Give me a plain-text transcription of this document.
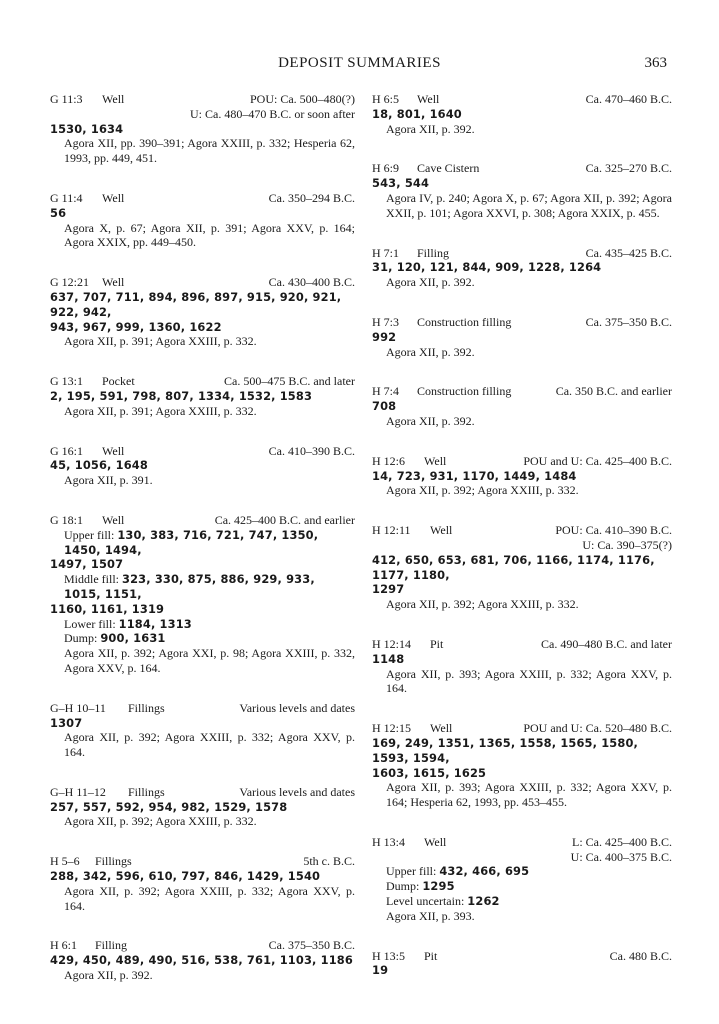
DEPOSIT SUMMARIES	363
G 11:3 Well	POU: Ca. 500–480(?)
U: Ca. 480–470 B.C. or soon after
1530, 1634
Agora XII, pp. 390–391; Agora XXIII, p. 332; Hesperia 62, 1993, pp. 449, 451.
G 11:4 Well	Ca. 350–294 B.C.
56
Agora X, p. 67; Agora XII, p. 391; Agora XXV, p. 164; Agora XXIX, pp. 449–450.
G 12:21 Well	Ca. 430–400 B.C.
637, 707, 711, 894, 896, 897, 915, 920, 921, 922, 942,
943, 967, 999, 1360, 1622
Agora XII, p. 391; Agora XXIII, p. 332.
G 13:1 Pocket	Ca. 500–475 B.C. and later
2, 195, 591, 798, 807, 1334, 1532, 1583
Agora XII, p. 391; Agora XXIII, p. 332.
G 16:1 Well	Ca. 410–390 B.C.
45, 1056, 1648
Agora XII, p. 391.
G 18:1 Well	Ca. 425–400 B.C. and earlier
Upper fill: 130, 383, 716, 721, 747, 1350, 1450, 1494,
1497, 1507
Middle fill: 323, 330, 875, 886, 929, 933, 1015, 1151,
1160, 1161, 1319
Lower fill: 1184, 1313
Dump: 900, 1631
Agora XII, p. 392; Agora XXI, p. 98; Agora XXIII, p. 332, Agora XXV, p. 164.
G–H 10–11 Fillings	Various levels and dates
1307
Agora XII, p. 392; Agora XXIII, p. 332; Agora XXV, p. 164.
G–H 11–12 Fillings	Various levels and dates
257, 557, 592, 954, 982, 1529, 1578
Agora XII, p. 392; Agora XXIII, p. 332.
H 5–6 Fillings	5th c. B.C.
288, 342, 596, 610, 797, 846, 1429, 1540
Agora XII, p. 392; Agora XXIII, p. 332; Agora XXV, p. 164.
H 6:1 Filling	Ca. 375–350 B.C.
429, 450, 489, 490, 516, 538, 761, 1103, 1186
Agora XII, p. 392.
H 6:5 Well	Ca. 470–460 B.C.
18, 801, 1640
Agora XII, p. 392.
H 6:9 Cave Cistern	Ca. 325–270 B.C.
543, 544
Agora IV, p. 240; Agora X, p. 67; Agora XII, p. 392; Agora XXII, p. 101; Agora XXVI, p. 308; Agora XXIX, p. 455.
H 7:1 Filling	Ca. 435–425 B.C.
31, 120, 121, 844, 909, 1228, 1264
Agora XII, p. 392.
H 7:3 Construction filling	Ca. 375–350 B.C.
992
Agora XII, p. 392.
H 7:4 Construction filling	Ca. 350 B.C. and earlier
708
Agora XII, p. 392.
H 12:6 Well	POU and U: Ca. 425–400 B.C.
14, 723, 931, 1170, 1449, 1484
Agora XII, p. 392; Agora XXIII, p. 332.
H 12:11 Well	POU: Ca. 410–390 B.C.
U: Ca. 390–375(?)
412, 650, 653, 681, 706, 1166, 1174, 1176, 1177, 1180,
1297
Agora XII, p. 392; Agora XXIII, p. 332.
H 12:14 Pit	Ca. 490–480 B.C. and later
1148
Agora XII, p. 393; Agora XXIII, p. 332; Agora XXV, p. 164.
H 12:15 Well	POU and U: Ca. 520–480 B.C.
169, 249, 1351, 1365, 1558, 1565, 1580, 1593, 1594,
1603, 1615, 1625
Agora XII, p. 393; Agora XXIII, p. 332; Agora XXV, p. 164; Hesperia 62, 1993, pp. 453–455.
H 13:4 Well	L: Ca. 425–400 B.C.
U: Ca. 400–375 B.C.
Upper fill: 432, 466, 695
Dump: 1295
Level uncertain: 1262
Agora XII, p. 393.
H 13:5 Pit	Ca. 480 B.C.
19
